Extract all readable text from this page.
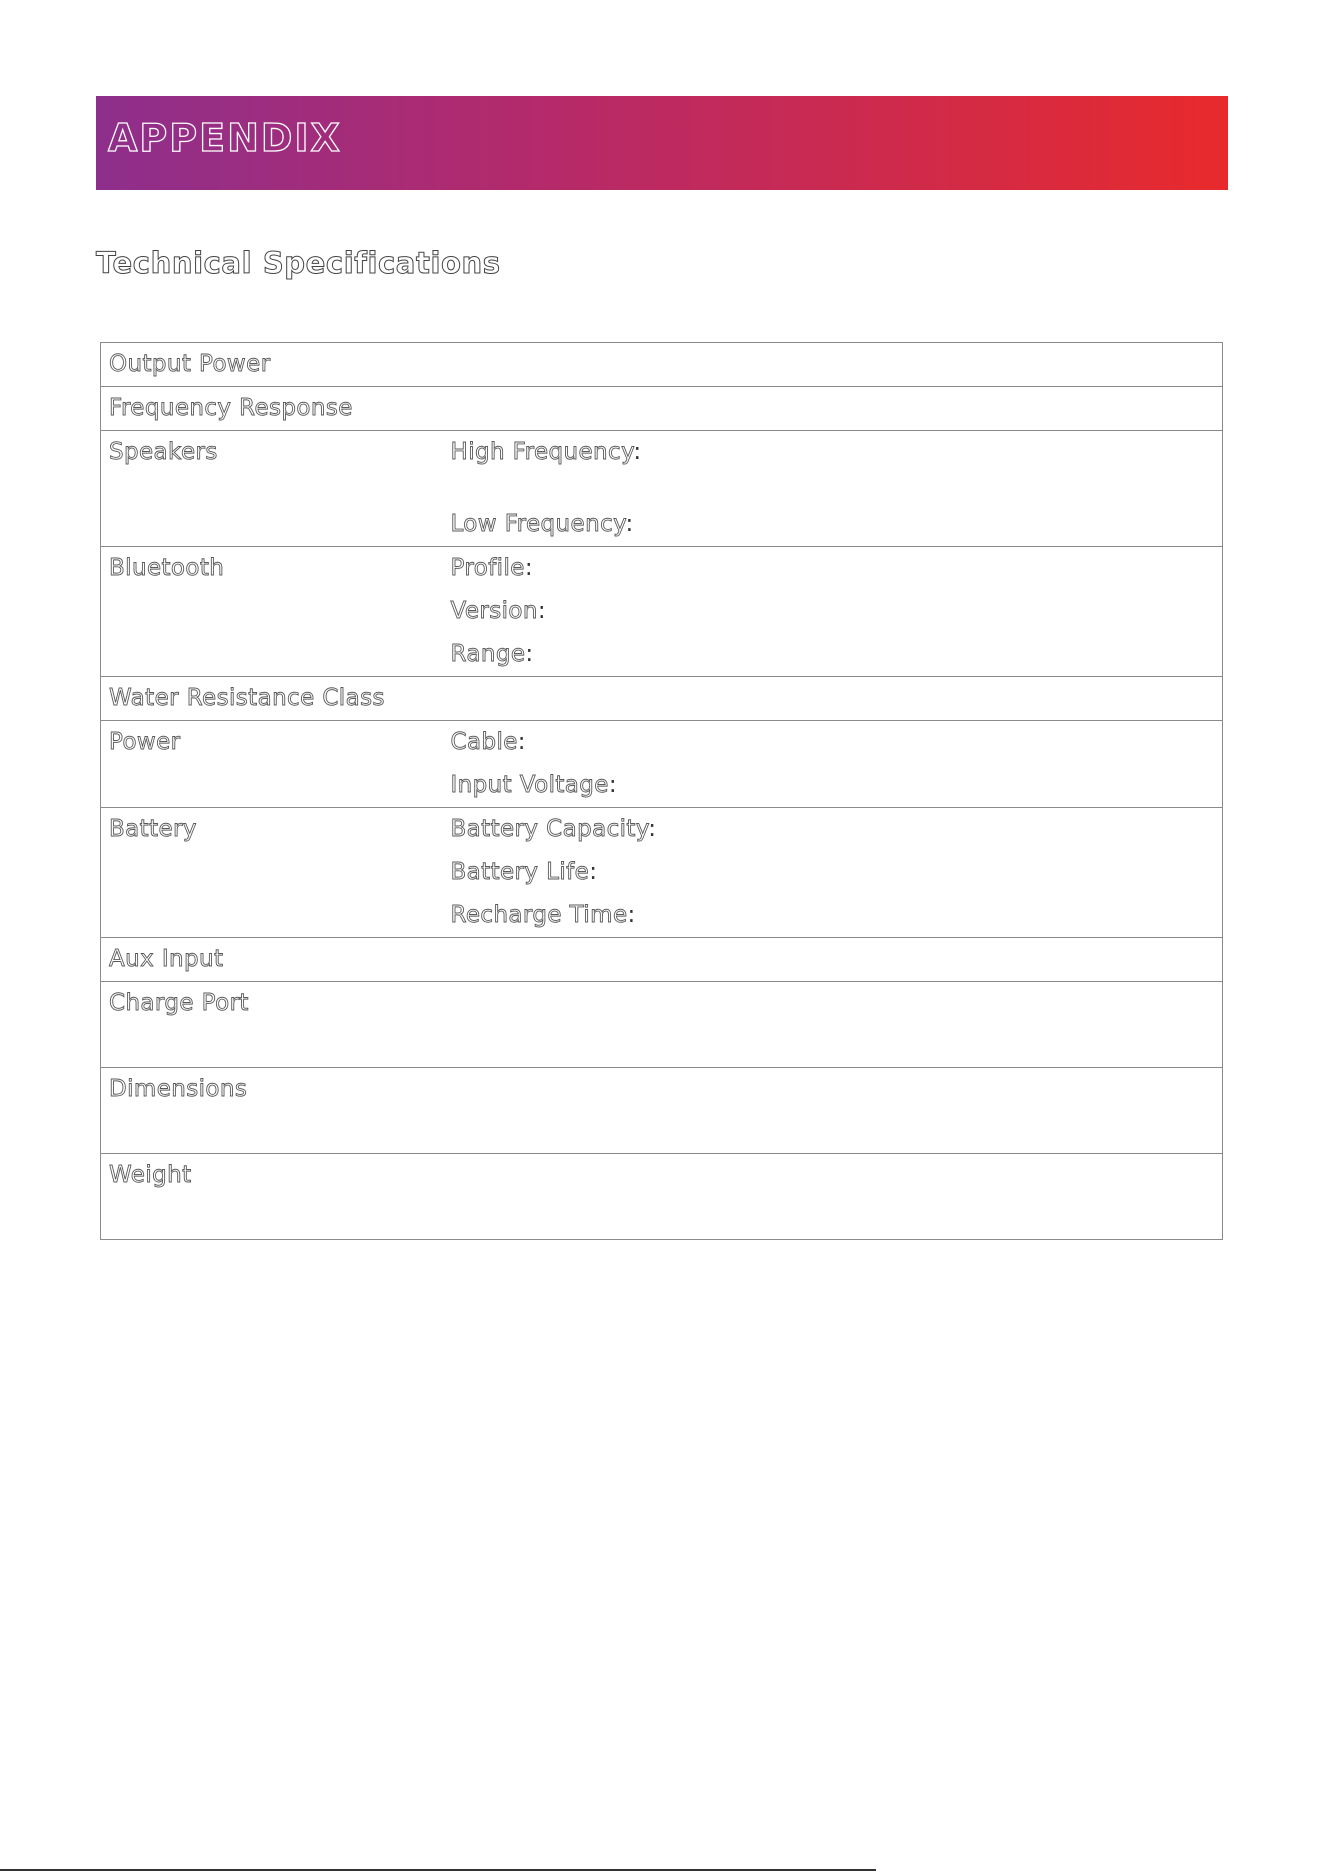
APPENDIX
Technical Specifications
Output Power	

Frequency Response	

Speakers	High Frequency:
Low Frequency:

Bluetooth	Profile:
Version:
Range:

Water Resistance Class	

Power	Cable:
Input Voltage:

Battery	Battery Capacity:
Battery Life:
Recharge Time:

Aux Input	

Charge Port	

Dimensions	

Weight	
